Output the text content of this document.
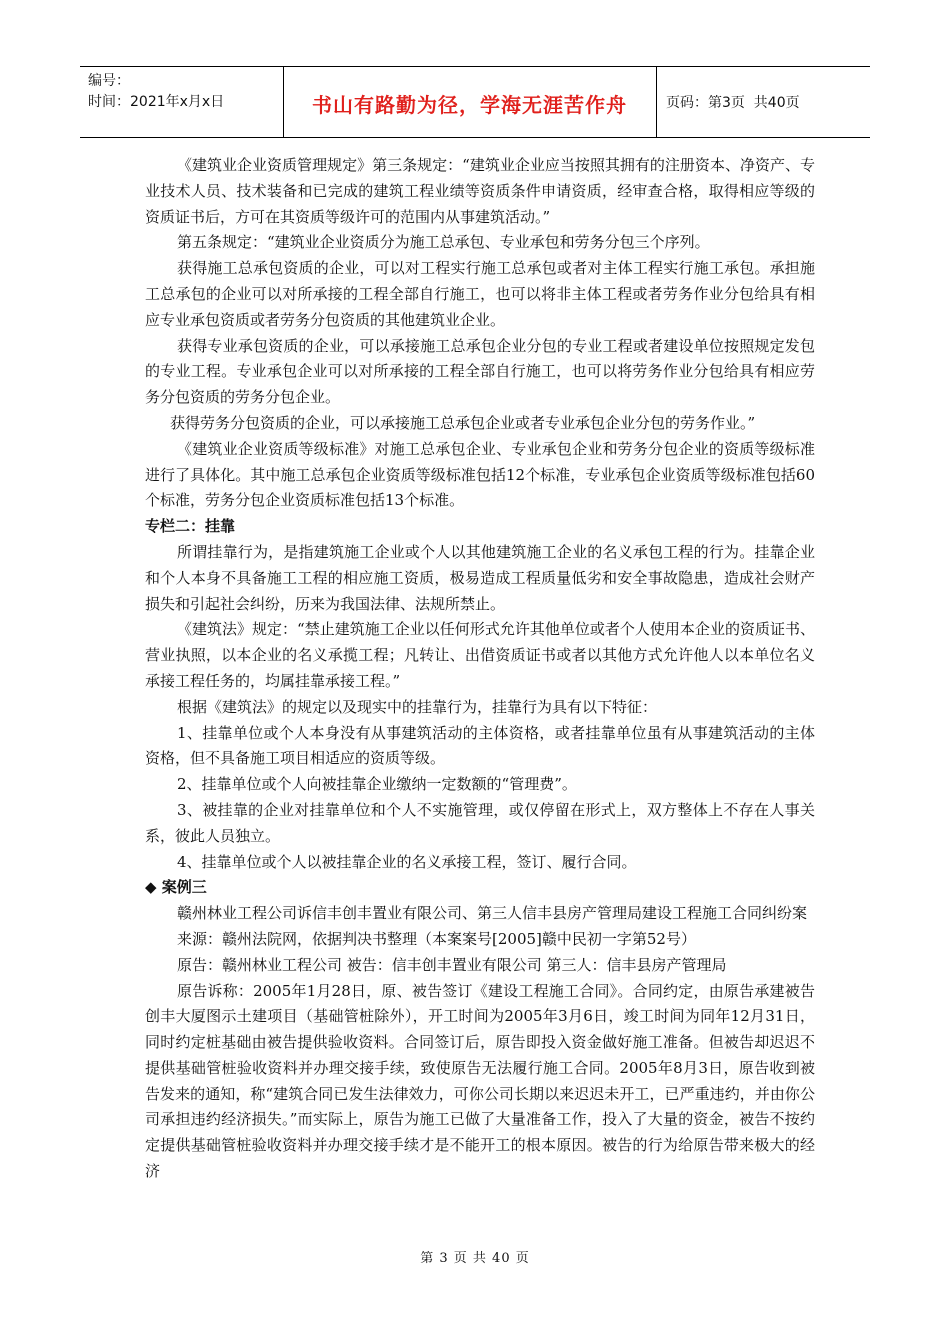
编号：
时间：2021年x月x日	书山有路勤为径，学海无涯苦作舟	页码：第3页  共40页

《建筑业企业资质管理规定》第三条规定：“建筑业企业应当按照其拥有的注册资本、净资产、专业技术人员、技术装备和已完成的建筑工程业绩等资质条件申请资质，经审查合格，取得相应等级的资质证书后，方可在其资质等级许可的范围内从事建筑活动。”

第五条规定：“建筑业企业资质分为施工总承包、专业承包和劳务分包三个序列。

获得施工总承包资质的企业，可以对工程实行施工总承包或者对主体工程实行施工承包。承担施工总承包的企业可以对所承接的工程全部自行施工，也可以将非主体工程或者劳务作业分包给具有相应专业承包资质或者劳务分包资质的其他建筑业企业。

获得专业承包资质的企业，可以承接施工总承包企业分包的专业工程或者建设单位按照规定发包的专业工程。专业承包企业可以对所承接的工程全部自行施工，也可以将劳务作业分包给具有相应劳务分包资质的劳务分包企业。

获得劳务分包资质的企业，可以承接施工总承包企业或者专业承包企业分包的劳务作业。”

《建筑业企业资质等级标准》对施工总承包企业、专业承包企业和劳务分包企业的资质等级标准进行了具体化。其中施工总承包企业资质等级标准包括12个标准，专业承包企业资质等级标准包括60个标准，劳务分包企业资质标准包括13个标准。

专栏二：挂靠

所谓挂靠行为，是指建筑施工企业或个人以其他建筑施工企业的名义承包工程的行为。挂靠企业和个人本身不具备施工工程的相应施工资质，极易造成工程质量低劣和安全事故隐患，造成社会财产损失和引起社会纠纷，历来为我国法律、法规所禁止。

《建筑法》规定：“禁止建筑施工企业以任何形式允许其他单位或者个人使用本企业的资质证书、营业执照，以本企业的名义承揽工程；凡转让、出借资质证书或者以其他方式允许他人以本单位名义承接工程任务的，均属挂靠承接工程。”

根据《建筑法》的规定以及现实中的挂靠行为，挂靠行为具有以下特征：

1、挂靠单位或个人本身没有从事建筑活动的主体资格，或者挂靠单位虽有从事建筑活动的主体资格，但不具备施工项目相适应的资质等级。

2、挂靠单位或个人向被挂靠企业缴纳一定数额的“管理费”。

3、被挂靠的企业对挂靠单位和个人不实施管理，或仅停留在形式上，双方整体上不存在人事关系，彼此人员独立。

4、挂靠单位或个人以被挂靠企业的名义承接工程，签订、履行合同。

◆ 案例三

赣州林业工程公司诉信丰创丰置业有限公司、第三人信丰县房产管理局建设工程施工合同纠纷案

来源：赣州法院网，依据判决书整理（本案案号[2005]赣中民初一字第52号）

原告：赣州林业工程公司 被告：信丰创丰置业有限公司 第三人：信丰县房产管理局

原告诉称：2005年1月28日，原、被告签订《建设工程施工合同》。合同约定，由原告承建被告创丰大厦图示土建项目（基础管桩除外），开工时间为2005年3月6日，竣工时间为同年12月31日，同时约定桩基础由被告提供验收资料。合同签订后，原告即投入资金做好施工准备。但被告却迟迟不提供基础管桩验收资料并办理交接手续，致使原告无法履行施工合同。2005年8月3日，原告收到被告发来的通知，称“建筑合同已发生法律效力，可你公司长期以来迟迟未开工，已严重违约，并由你公司承担违约经济损失。”而实际上，原告为施工已做了大量准备工作，投入了大量的资金，被告不按约定提供基础管桩验收资料并办理交接手续才是不能开工的根本原因。被告的行为给原告带来极大的经济

第 3 页 共 40 页
